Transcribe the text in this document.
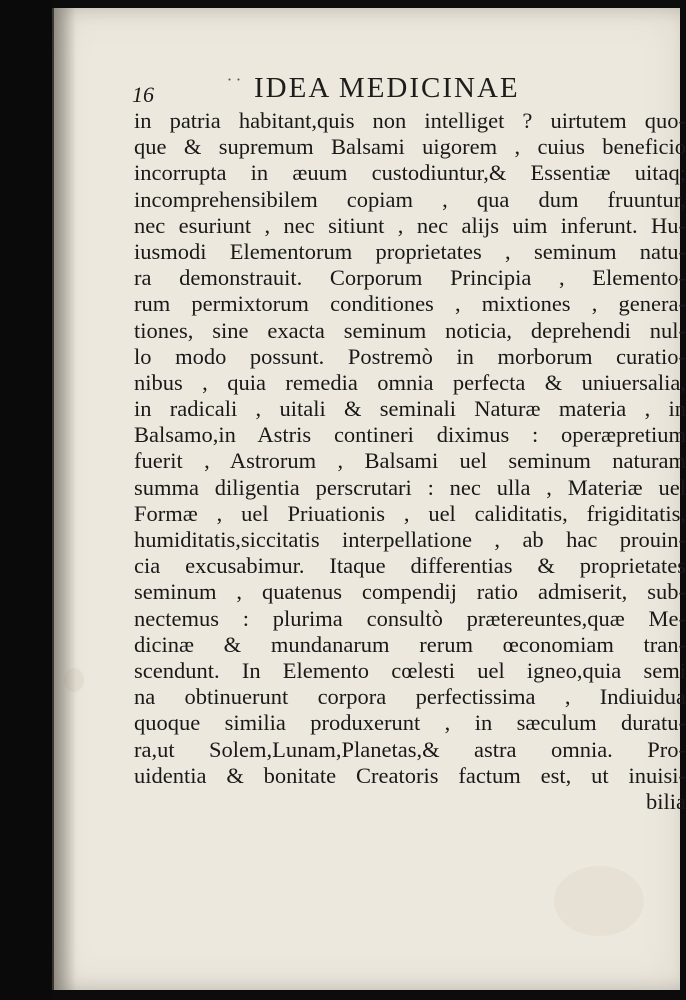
16	˙˙ IDEA MEDICINAE
in patria habitant,quis non intelliget ? uirtutem quo-
que & supremum Balsami uigorem , cuius beneficio
incorrupta in æuum custodiuntur,& Essentiæ uitaq;
incomprehensibilem copiam , qua dum fruuntur,
nec esuriunt , nec sitiunt , nec alijs uim inferunt. Hu-
iusmodi Elementorum proprietates , seminum natu-
ra demonstrauit. Corporum Principia , Elemento-
rum permixtorum conditiones , mixtiones , genera-
tiones, sine exacta seminum noticia, deprehendi nul-
lo modo possunt. Postremò in morborum curatio-
nibus , quia remedia omnia perfecta & uniuersalia,
in radicali , uitali & seminali Naturæ materia , in
Balsamo,in Astris contineri diximus : operæpretium
fuerit , Astrorum , Balsami uel seminum naturam
summa diligentia perscrutari : nec ulla , Materiæ uel
Formæ , uel Priuationis , uel caliditatis, frigiditatis,
humiditatis,siccitatis interpellatione , ab hac prouin-
cia excusabimur. Itaque differentias & proprietates
seminum , quatenus compendij ratio admiserit, sub-
nectemus : plurima consultò prætereuntes,quæ Me-
dicinæ & mundanarum rerum œconomiam tran-
scendunt. In Elemento cœlesti uel igneo,quia semi
na obtinuerunt corpora perfectissima , Indiuidua
quoque similia produxerunt , in sæculum duratu-
ra,ut Solem,Lunam,Planetas,& astra omnia. Pro-
uidentia & bonitate Creatoris factum est, ut inuisi-
bilia
